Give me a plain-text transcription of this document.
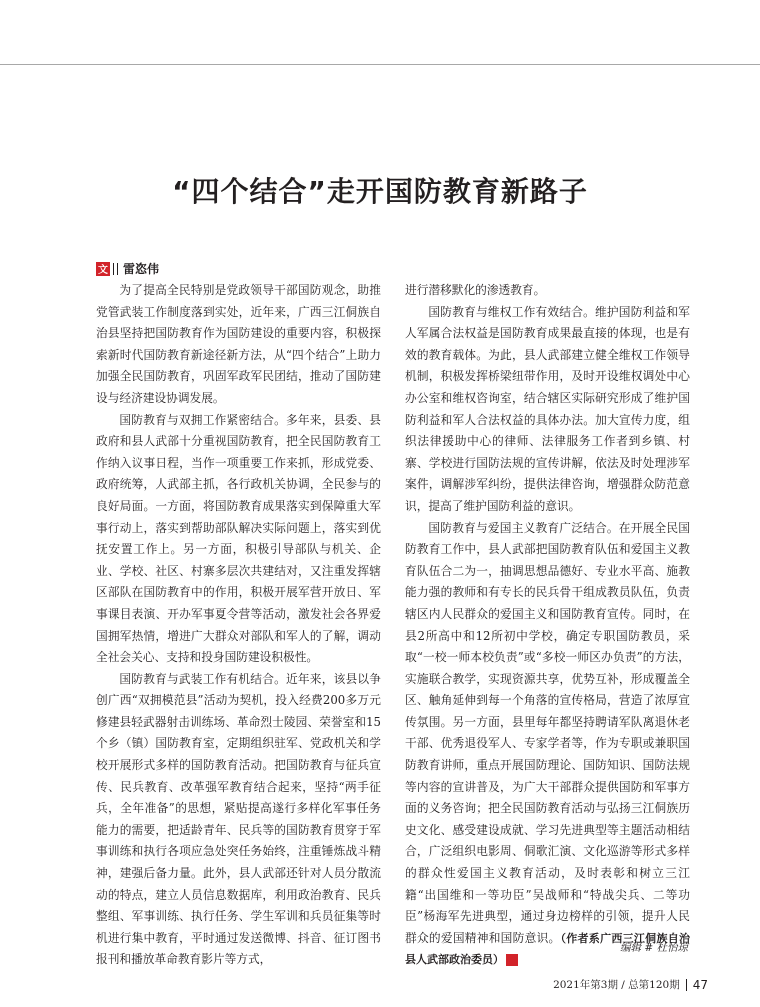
“四个结合”走开国防教育新路子
文 雷恣伟

为了提高全民特别是党政领导干部国防观念，助推党管武装工作制度落到实处，近年来，广西三江侗族自治县坚持把国防教育作为国防建设的重要内容，积极探索新时代国防教育新途径新方法，从“四个结合”上助力加强全民国防教育，巩固军政军民团结，推动了国防建设与经济建设协调发展。

国防教育与双拥工作紧密结合。多年来，县委、县政府和县人武部十分重视国防教育，把全民国防教育工作纳入议事日程，当作一项重要工作来抓，形成党委、政府统筹，人武部主抓，各行政机关协调，全民参与的良好局面。一方面，将国防教育成果落实到保障重大军事行动上，落实到帮助部队解决实际问题上，落实到优抚安置工作上。另一方面，积极引导部队与机关、企业、学校、社区、村寨多层次共建结对，又注重发挥辖区部队在国防教育中的作用，积极开展军营开放日、军事课目表演、开办军事夏令营等活动，激发社会各界爱国拥军热情，增进广大群众对部队和军人的了解，调动全社会关心、支持和投身国防建设积极性。

国防教育与武装工作有机结合。近年来，该县以争创广西“双拥模范县”活动为契机，投入经费200多万元修建县轻武器射击训练场、革命烈士陵园、荣誉室和15个乡（镇）国防教育室，定期组织驻军、党政机关和学校开展形式多样的国防教育活动。把国防教育与征兵宣传、民兵教育、改革强军教育结合起来，坚持“两手征兵，全年准备”的思想，紧贴提高遂行多样化军事任务能力的需要，把适龄青年、民兵等的国防教育贯穿于军事训练和执行各项应急处突任务始终，注重锤炼战斗精神，建强后备力量。此外，县人武部还针对人员分散流动的特点，建立人员信息数据库，利用政治教育、民兵整组、军事训练、执行任务、学生军训和兵员征集等时机进行集中教育，平时通过发送微博、抖音、征订图书报刊和播放革命教育影片等方式，

进行潜移默化的渗透教育。

国防教育与维权工作有效结合。维护国防利益和军人军属合法权益是国防教育成果最直接的体现，也是有效的教育载体。为此，县人武部建立健全维权工作领导机制，积极发挥桥梁纽带作用，及时开设维权调处中心办公室和维权咨询室，结合辖区实际研究形成了维护国防利益和军人合法权益的具体办法。加大宣传力度，组织法律援助中心的律师、法律服务工作者到乡镇、村寨、学校进行国防法规的宣传讲解，依法及时处理涉军案件，调解涉军纠纷，提供法律咨询，增强群众防范意识，提高了维护国防利益的意识。

国防教育与爱国主义教育广泛结合。在开展全民国防教育工作中，县人武部把国防教育队伍和爱国主义教育队伍合二为一，抽调思想品德好、专业水平高、施教能力强的教师和有专长的民兵骨干组成教员队伍，负责辖区内人民群众的爱国主义和国防教育宣传。同时，在县2所高中和12所初中学校，确定专职国防教员，采取“一校一师本校负责”或“多校一师区办负责”的方法，实施联合教学，实现资源共享，优势互补，形成覆盖全区、触角延伸到每一个角落的宣传格局，营造了浓厚宣传氛围。另一方面，县里每年都坚持聘请军队离退休老干部、优秀退役军人、专家学者等，作为专职或兼职国防教育讲师，重点开展国防理论、国防知识、国防法规等内容的宣讲普及，为广大干部群众提供国防和军事方面的义务咨询；把全民国防教育活动与弘扬三江侗族历史文化、感受建设成就、学习先进典型等主题活动相结合，广泛组织电影周、侗歌汇演、文化巡游等形式多样的群众性爱国主义教育活动，及时表彰和树立三江籍“出国维和一等功臣”吴战师和“特战尖兵、二等功臣”杨海军先进典型，通过身边榜样的引领，提升人民群众的爱国精神和国防意识。（作者系广西三江侗族自治县人武部政治委员） G

编辑 # 杜怡琼
2021年第3期 / 总第120期 47
